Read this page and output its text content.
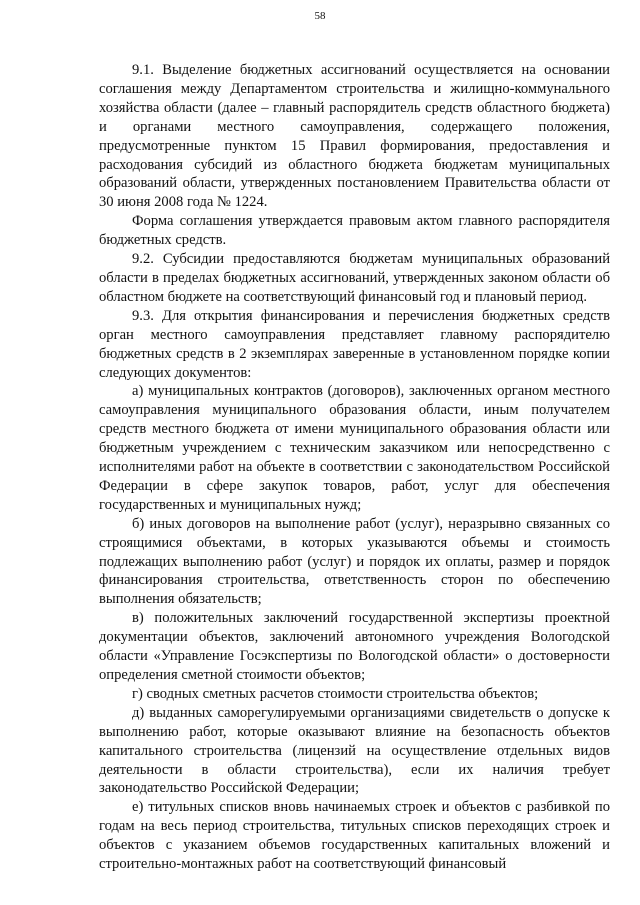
58

9.1. Выделение бюджетных ассигнований осуществляется на основании соглашения между Департаментом строительства и жилищно-коммунального хозяйства области (далее – главный распорядитель средств областного бюджета) и органами местного самоуправления, содержащего положения, предусмотренные пунктом 15 Правил формирования, предоставления и расходования субсидий из областного бюджета бюджетам муниципальных образований области, утвержденных постановлением Правительства области от 30 июня 2008 года № 1224.

Форма соглашения утверждается правовым актом главного распорядителя бюджетных средств.

9.2. Субсидии предоставляются бюджетам муниципальных образований области в пределах бюджетных ассигнований, утвержденных законом области об областном бюджете на соответствующий финансовый год и плановый период.

9.3. Для открытия финансирования и перечисления бюджетных средств орган местного самоуправления представляет главному распорядителю бюджетных средств в 2 экземплярах заверенные в установленном порядке копии следующих документов:

а) муниципальных контрактов (договоров), заключенных органом местного самоуправления муниципального образования области, иным получателем средств местного бюджета от имени муниципального образования области или бюджетным учреждением с техническим заказчиком или непосредственно с исполнителями работ на объекте в соответствии с законодательством Российской Федерации в сфере закупок товаров, работ, услуг для обеспечения государственных и муниципальных нужд;

б) иных договоров на выполнение работ (услуг), неразрывно связанных со строящимися объектами, в которых указываются объемы и стоимость подлежащих выполнению работ (услуг) и порядок их оплаты, размер и порядок финансирования строительства, ответственность сторон по обеспечению выполнения обязательств;

в) положительных заключений государственной экспертизы проектной документации объектов, заключений автономного учреждения Вологодской области «Управление Госэкспертизы по Вологодской области» о достоверности определения сметной стоимости объектов;

г) сводных сметных расчетов стоимости строительства объектов;

д) выданных саморегулируемыми организациями свидетельств о допуске к выполнению работ, которые оказывают влияние на безопасность объектов капитального строительства (лицензий на осуществление отдельных видов деятельности в области строительства), если их наличия требует законодательство Российской Федерации;

е) титульных списков вновь начинаемых строек и объектов с разбивкой по годам на весь период строительства, титульных списков переходящих строек и объектов с указанием объемов государственных капитальных вложений и строительно-монтажных работ на соответствующий финансовый
